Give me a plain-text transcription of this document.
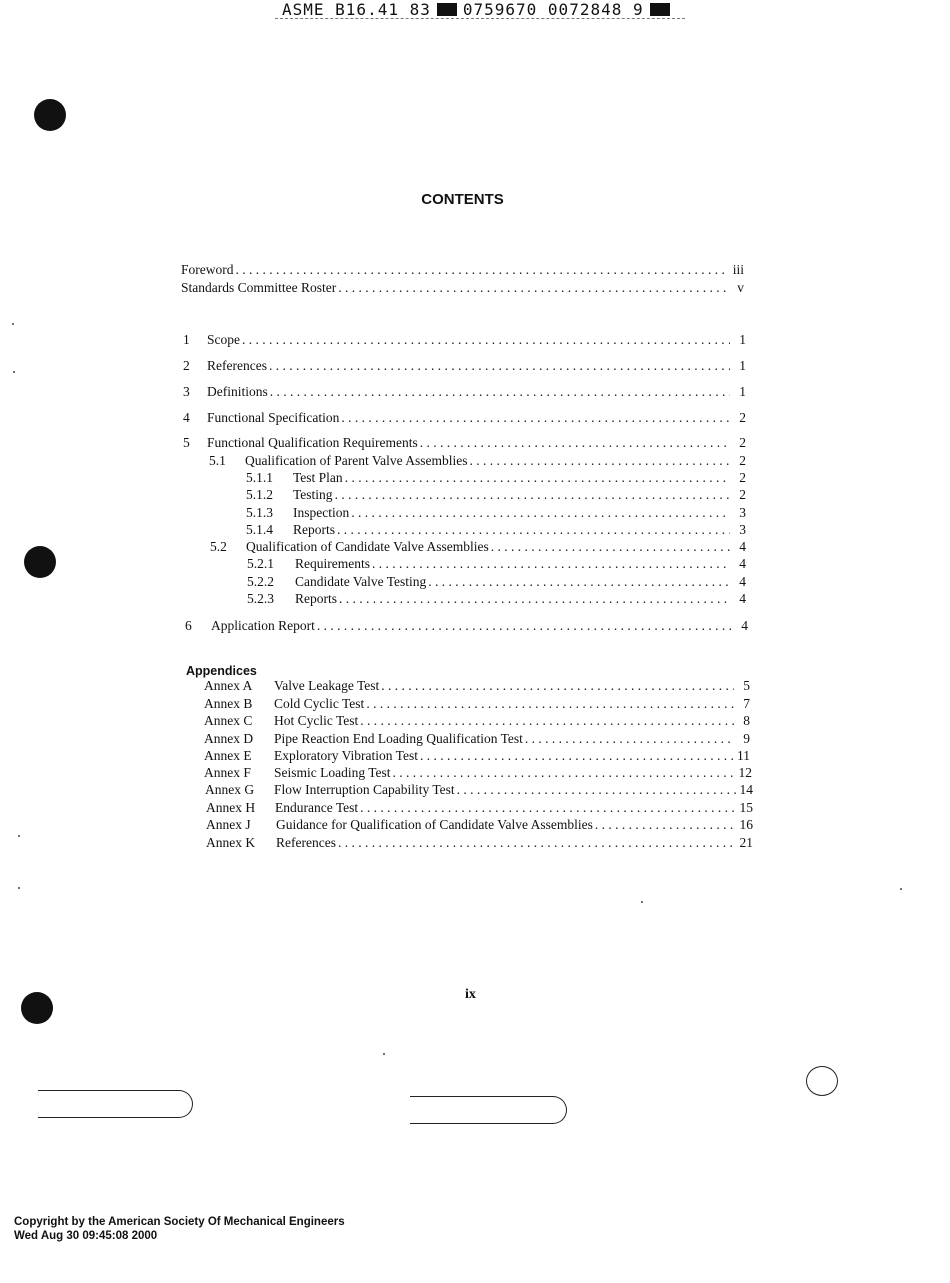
ASME B16.41 83 0759670 0072848 9
CONTENTS
Foreword . . .	iii
Standards Committee Roster . . .	v
1	Scope . . .	1
2	References . . .	1
3	Definitions . . .	1
4	Functional Specification . . .	2
5	Functional Qualification Requirements . . .	2
5.1	Qualification of Parent Valve Assemblies . . .	2
5.1.1	Test Plan . . .	2
5.1.2	Testing . . .	2
5.1.3	Inspection . . .	3
5.1.4	Reports . . .	3
5.2	Qualification of Candidate Valve Assemblies . . .	4
5.2.1	Requirements . . .	4
5.2.2	Candidate Valve Testing . . .	4
5.2.3	Reports . . .	4
6	Application Report . . .	4
Appendices
Annex A	Valve Leakage Test . . .	5
Annex B	Cold Cyclic Test . . .	7
Annex C	Hot Cyclic Test . . .	8
Annex D	Pipe Reaction End Loading Qualification Test . . .	9
Annex E	Exploratory Vibration Test . . .	11
Annex F	Seismic Loading Test . . .	12
Annex G	Flow Interruption Capability Test . . .	14
Annex H	Endurance Test . . .	15
Annex J	Guidance for Qualification of Candidate Valve Assemblies . . .	16
Annex K	References . . .	21
ix
Copyright by the American Society Of Mechanical Engineers
Wed Aug 30 09:45:08 2000
